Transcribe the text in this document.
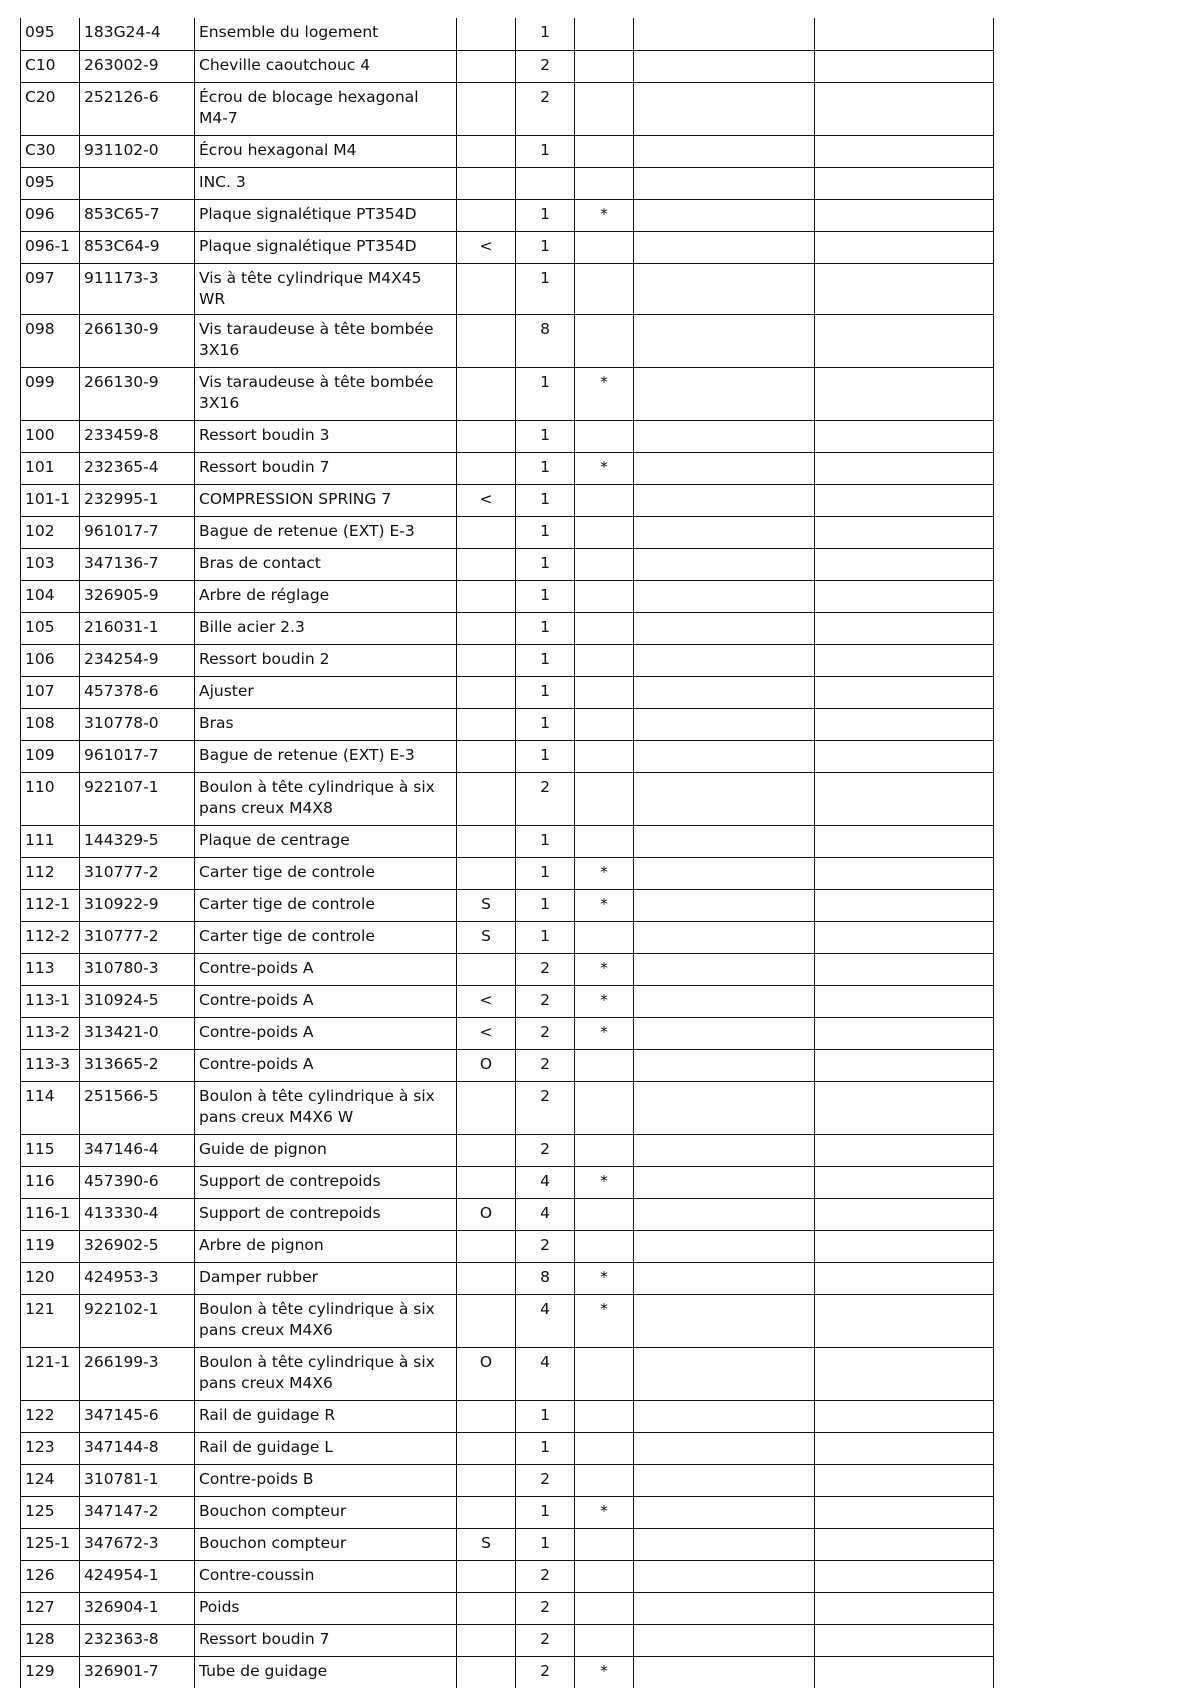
095	183G24-4	Ensemble du logement		1			
C10	263002-9	Cheville caoutchouc 4		2			
C20	252126-6	Écrou de blocage hexagonal M4-7		2			
C30	931102-0	Écrou hexagonal M4		1			
095		INC. 3					
096	853C65-7	Plaque signalétique PT354D		1	*		
096-1	853C64-9	Plaque signalétique PT354D	<	1			
097	911173-3	Vis à tête cylindrique M4X45 WR		1			
098	266130-9	Vis taraudeuse à tête bombée 3X16		8			
099	266130-9	Vis taraudeuse à tête bombée 3X16		1	*		
100	233459-8	Ressort boudin 3		1			
101	232365-4	Ressort boudin 7		1	*		
101-1	232995-1	COMPRESSION SPRING 7	<	1			
102	961017-7	Bague de retenue (EXT) E-3		1			
103	347136-7	Bras de contact		1			
104	326905-9	Arbre de réglage		1			
105	216031-1	Bille acier 2.3		1			
106	234254-9	Ressort boudin 2		1			
107	457378-6	Ajuster		1			
108	310778-0	Bras		1			
109	961017-7	Bague de retenue (EXT) E-3		1			
110	922107-1	Boulon à tête cylindrique à six pans creux M4X8		2			
111	144329-5	Plaque de centrage		1			
112	310777-2	Carter tige de controle		1	*		
112-1	310922-9	Carter tige de controle	S	1	*		
112-2	310777-2	Carter tige de controle	S	1			
113	310780-3	Contre-poids A		2	*		
113-1	310924-5	Contre-poids A	<	2	*		
113-2	313421-0	Contre-poids A	<	2	*		
113-3	313665-2	Contre-poids A	O	2			
114	251566-5	Boulon à tête cylindrique à six pans creux M4X6 W		2			
115	347146-4	Guide de pignon		2			
116	457390-6	Support de contrepoids		4	*		
116-1	413330-4	Support de contrepoids	O	4			
119	326902-5	Arbre de pignon		2			
120	424953-3	Damper rubber		8	*		
121	922102-1	Boulon à tête cylindrique à six pans creux M4X6		4	*		
121-1	266199-3	Boulon à tête cylindrique à six pans creux M4X6	O	4			
122	347145-6	Rail de guidage R		1			
123	347144-8	Rail de guidage L		1			
124	310781-1	Contre-poids B		2			
125	347147-2	Bouchon compteur		1	*		
125-1	347672-3	Bouchon compteur	S	1			
126	424954-1	Contre-coussin		2			
127	326904-1	Poids		2			
128	232363-8	Ressort boudin 7		2			
129	326901-7	Tube de guidage		2	*		
